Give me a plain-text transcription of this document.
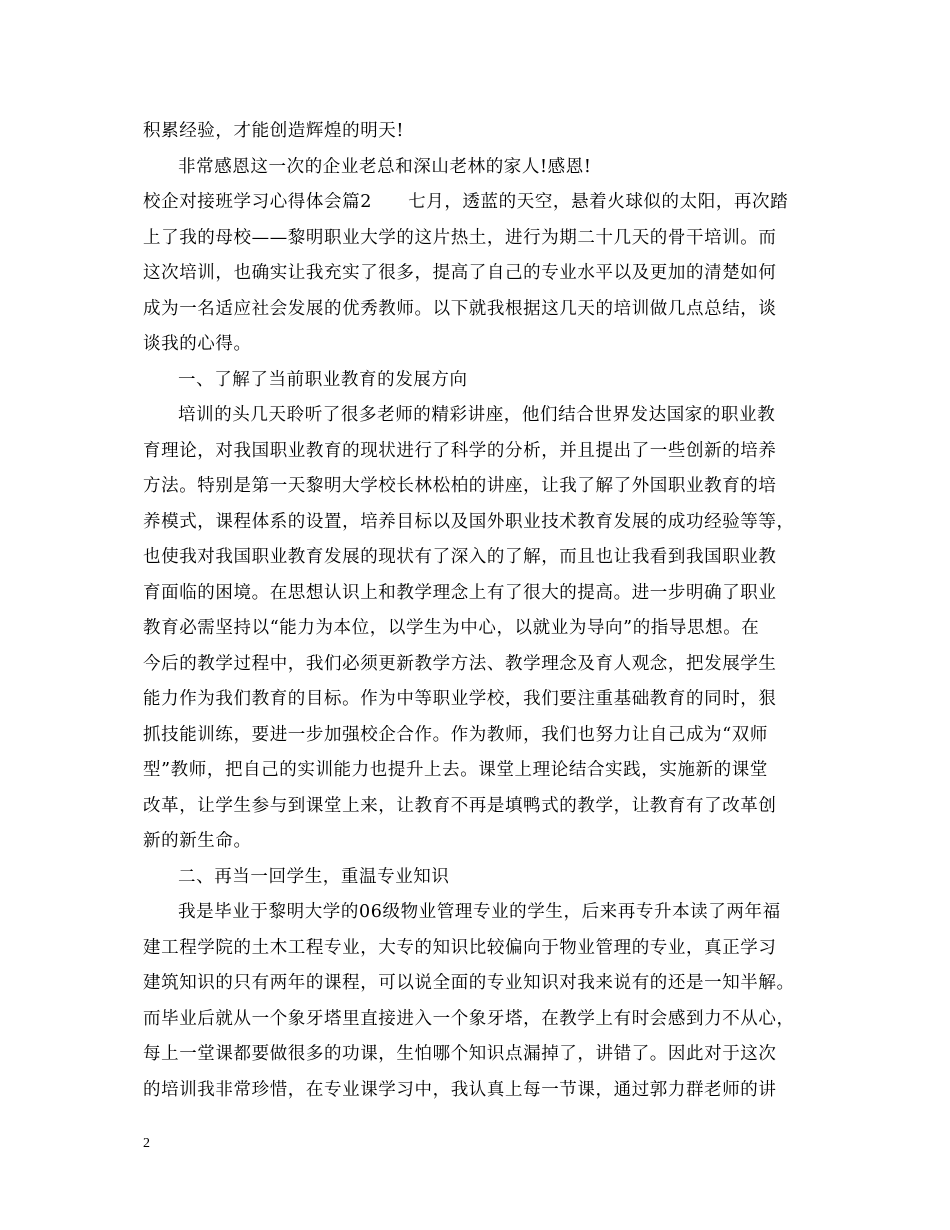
积累经验，才能创造辉煌的明天!
非常感恩这一次的企业老总和深山老林的家人!感恩!
校企对接班学习心得体会篇2　　七月，透蓝的天空，悬着火球似的太阳，再次踏
上了我的母校——黎明职业大学的这片热土，进行为期二十几天的骨干培训。而
这次培训，也确实让我充实了很多，提高了自己的专业水平以及更加的清楚如何
成为一名适应社会发展的优秀教师。以下就我根据这几天的培训做几点总结，谈
谈我的心得。
一、了解了当前职业教育的发展方向
培训的头几天聆听了很多老师的精彩讲座，他们结合世界发达国家的职业教
育理论，对我国职业教育的现状进行了科学的分析，并且提出了一些创新的培养
方法。特别是第一天黎明大学校长林松柏的讲座，让我了解了外国职业教育的培
养模式，课程体系的设置，培养目标以及国外职业技术教育发展的成功经验等等，
也使我对我国职业教育发展的现状有了深入的了解，而且也让我看到我国职业教
育面临的困境。在思想认识上和教学理念上有了很大的提高。进一步明确了职业
教育必需坚持以“能力为本位，以学生为中心，以就业为导向”的指导思想。在
今后的教学过程中，我们必须更新教学方法、教学理念及育人观念，把发展学生
能力作为我们教育的目标。作为中等职业学校，我们要注重基础教育的同时，狠
抓技能训练，要进一步加强校企合作。作为教师，我们也努力让自己成为“双师
型”教师，把自己的实训能力也提升上去。课堂上理论结合实践，实施新的课堂
改革，让学生参与到课堂上来，让教育不再是填鸭式的教学，让教育有了改革创
新的新生命。
二、再当一回学生，重温专业知识
我是毕业于黎明大学的06级物业管理专业的学生，后来再专升本读了两年福
建工程学院的土木工程专业，大专的知识比较偏向于物业管理的专业，真正学习
建筑知识的只有两年的课程，可以说全面的专业知识对我来说有的还是一知半解。
而毕业后就从一个象牙塔里直接进入一个象牙塔，在教学上有时会感到力不从心，
每上一堂课都要做很多的功课，生怕哪个知识点漏掉了，讲错了。因此对于这次
的培训我非常珍惜，在专业课学习中，我认真上每一节课，通过郭力群老师的讲
2
